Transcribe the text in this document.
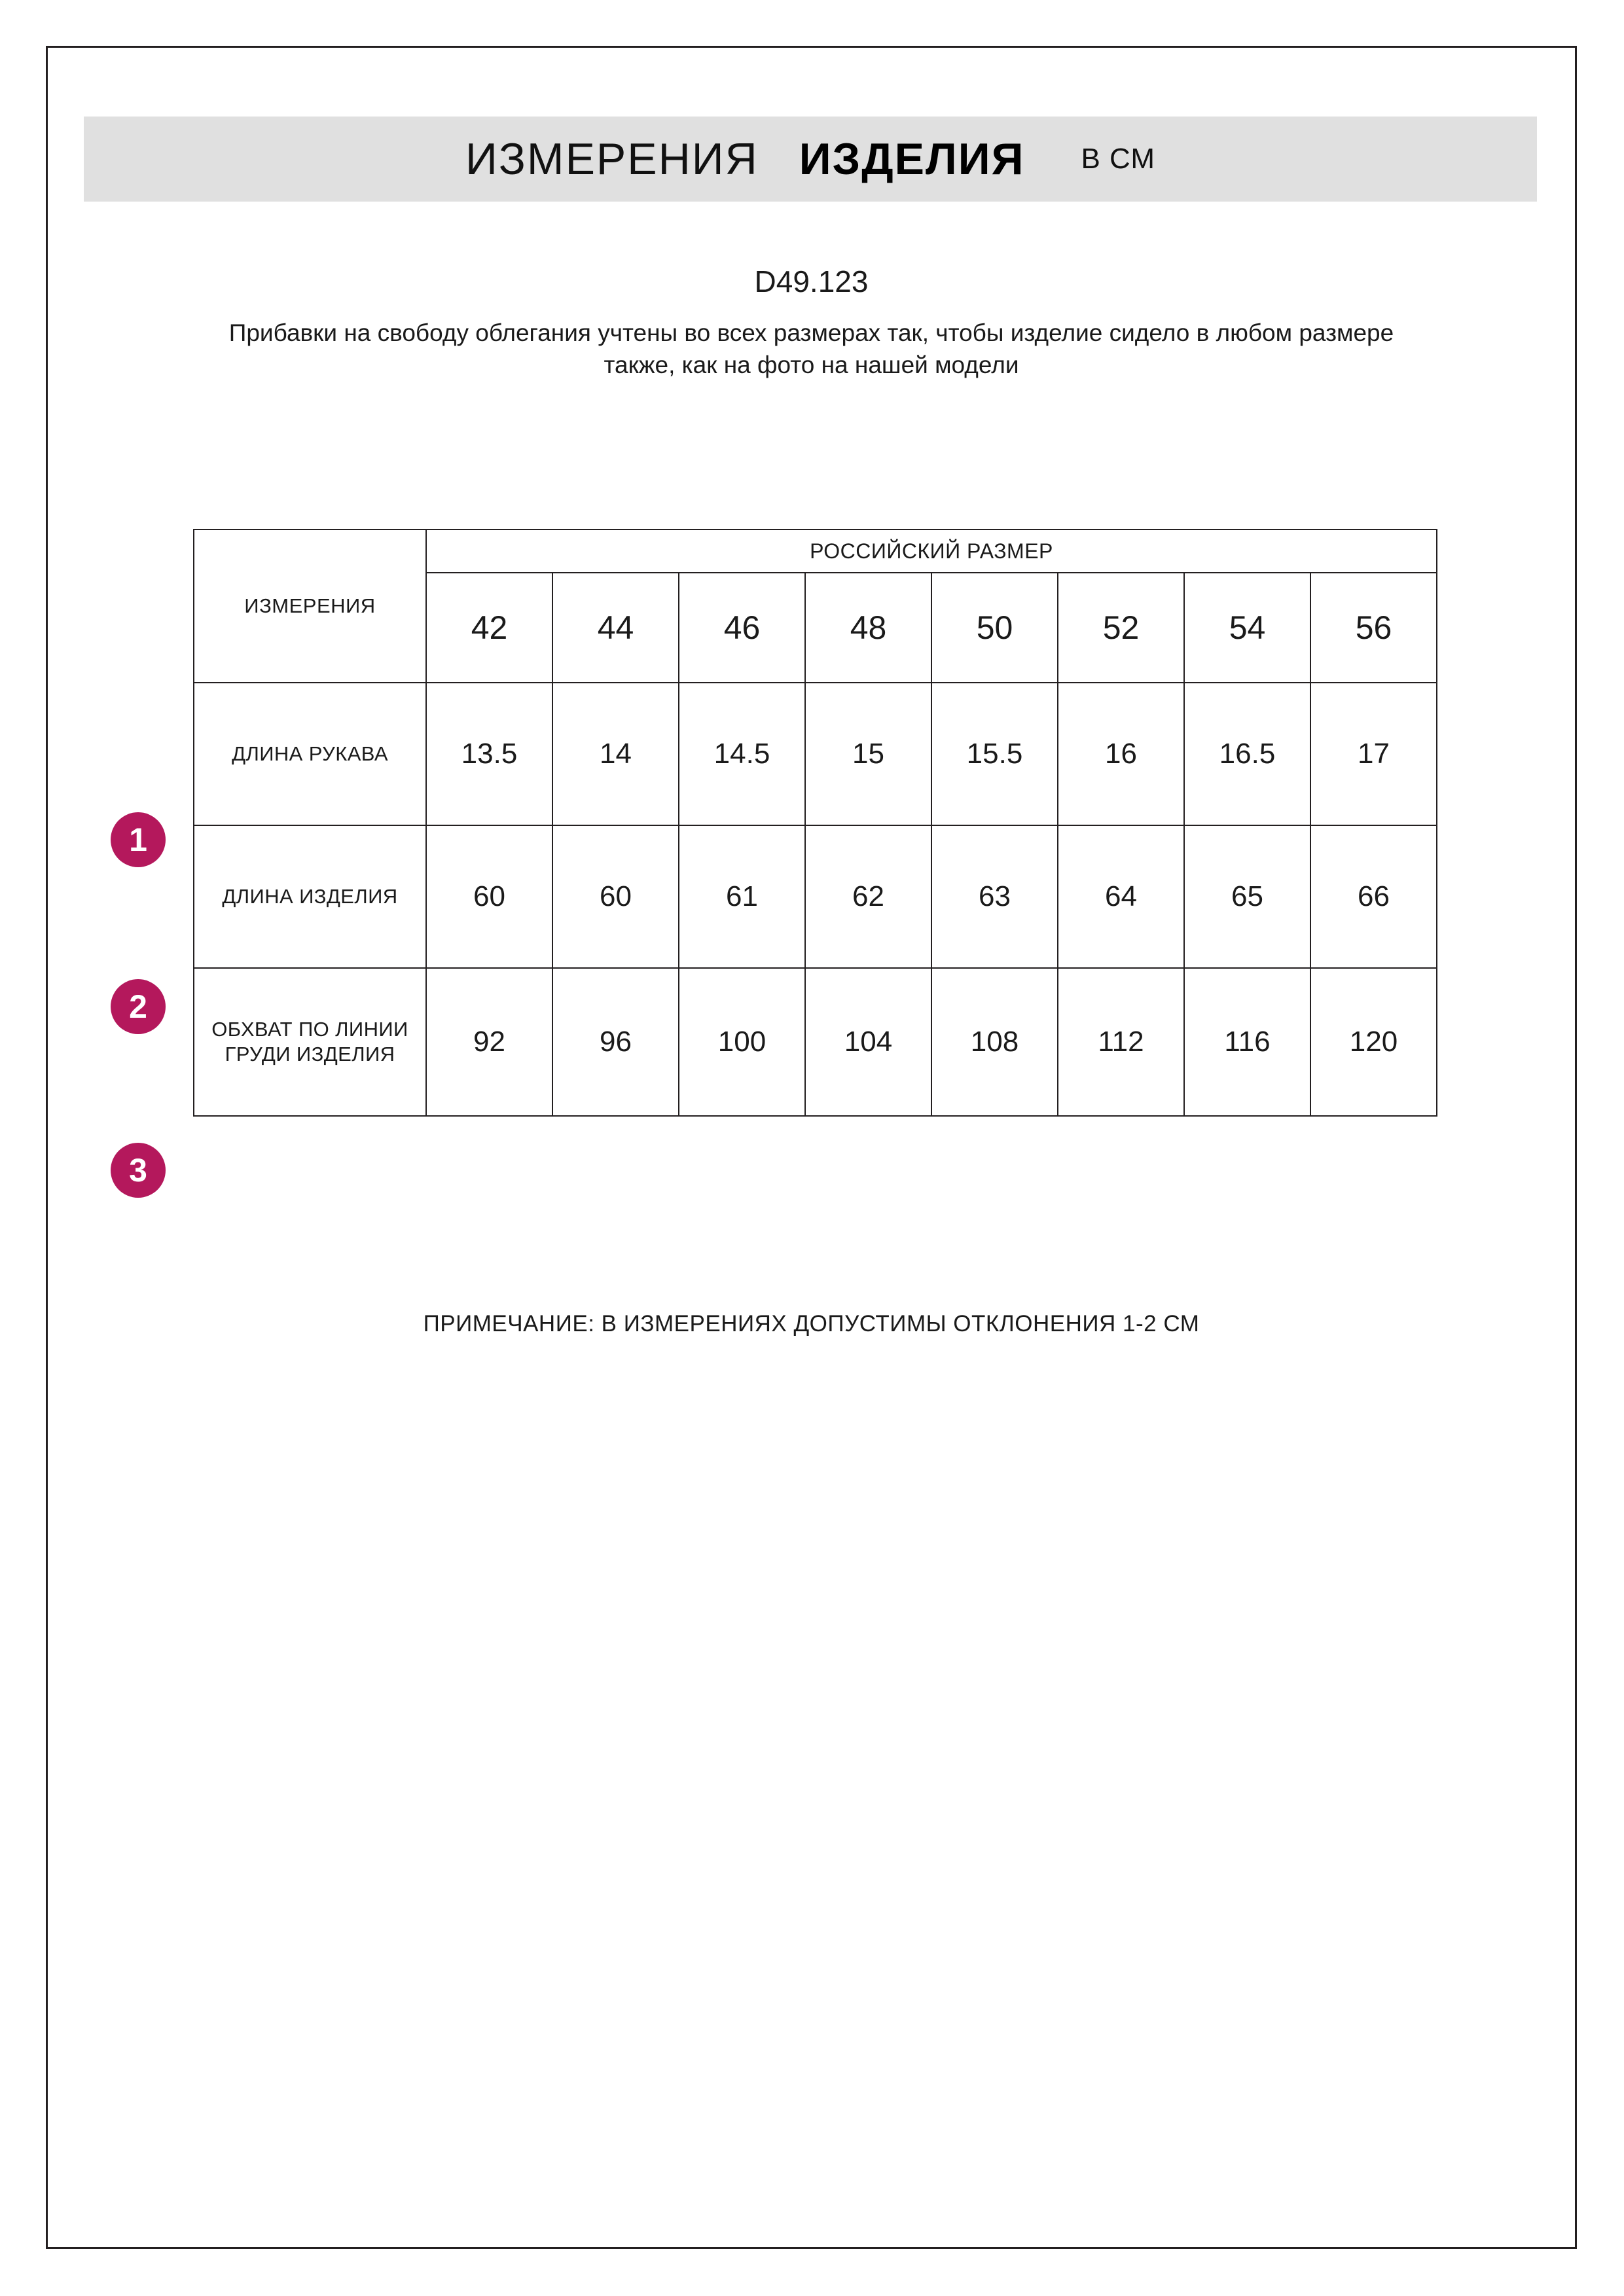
ИЗМЕРЕНИЯ ИЗДЕЛИЯ В СМ
D49.123
Прибавки на свободу облегания учтены во всех размерах так, чтобы изделие сидело в любом размере также, как на фото на нашей модели
1
2
3
ИЗМЕРЕНИЯ	РОССИЙСКИЙ РАЗМЕР							
	42	44	46	48	50	52	54	56
ДЛИНА РУКАВА	13.5	14	14.5	15	15.5	16	16.5	17
ДЛИНА ИЗДЕЛИЯ	60	60	61	62	63	64	65	66
ОБХВАТ ПО ЛИНИИ ГРУДИ ИЗДЕЛИЯ	92	96	100	104	108	112	116	120
ПРИМЕЧАНИЕ: В ИЗМЕРЕНИЯХ ДОПУСТИМЫ ОТКЛОНЕНИЯ 1-2 СМ
